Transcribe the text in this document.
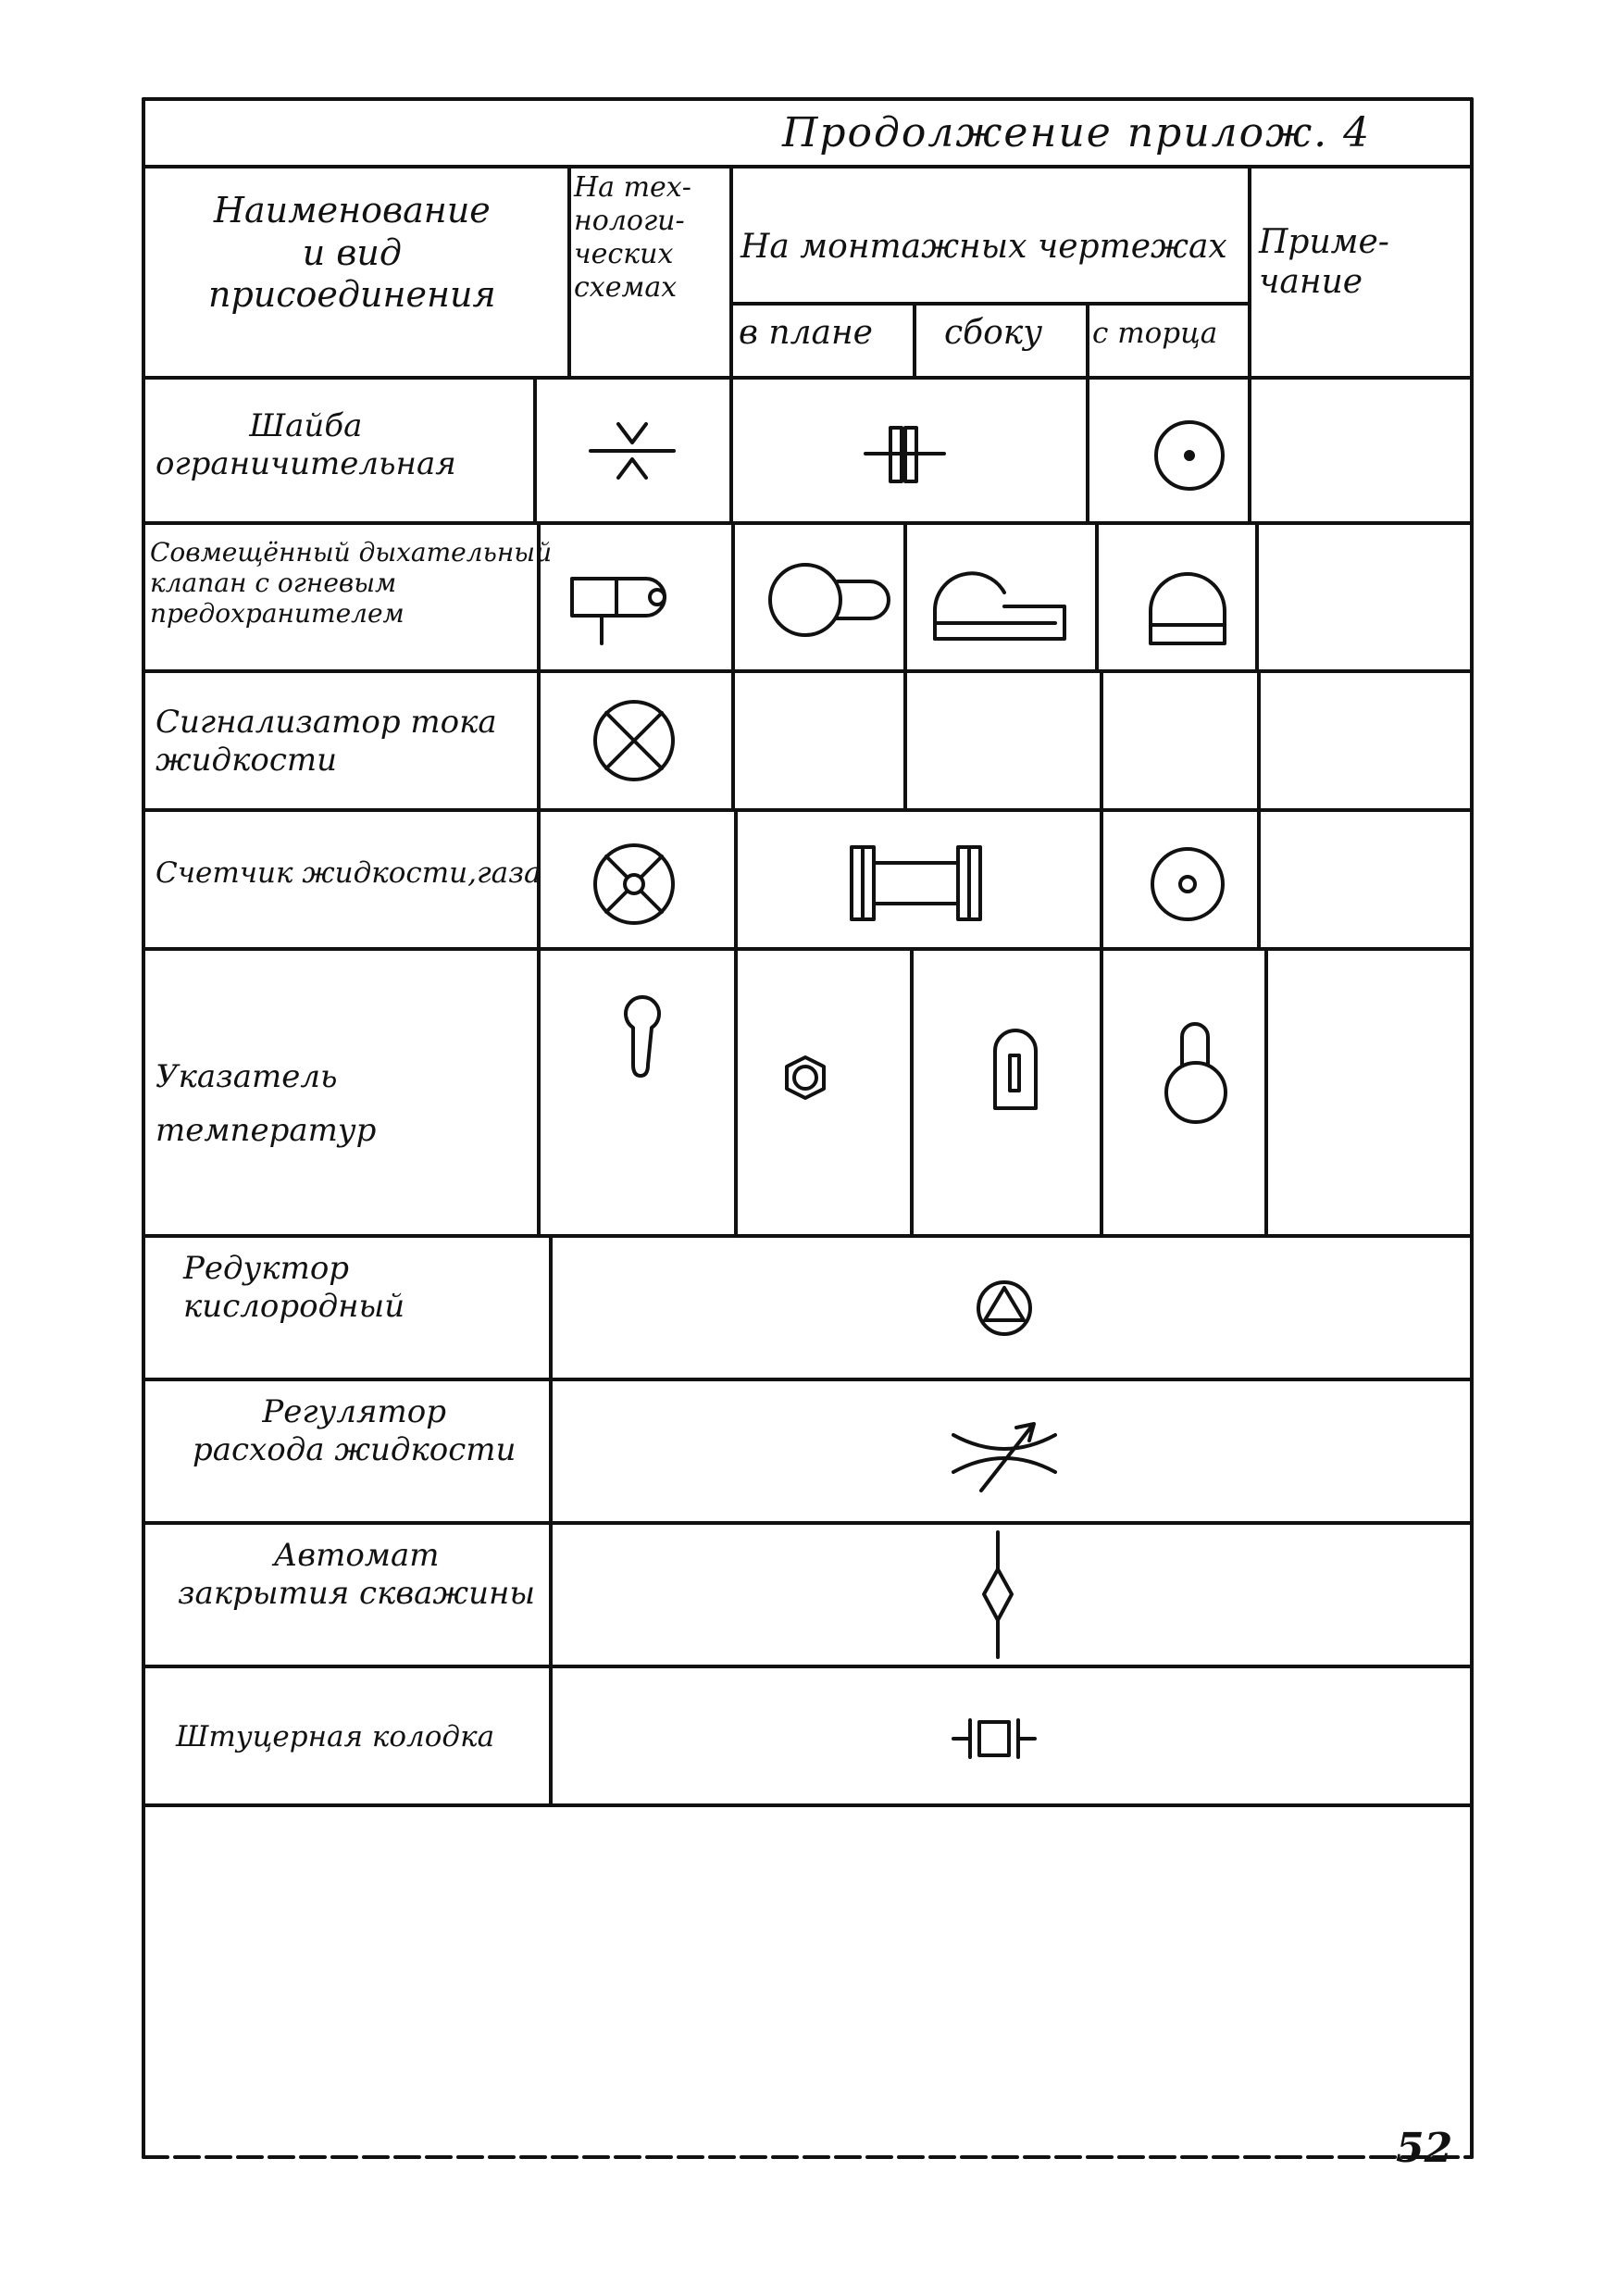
Продолжение прилож. 4
Наименование
и вид
присоединения
На тех-
нологи-
ческих
схемах
На монтажных чертежах
в плане сбоку с торца
Приме-
чание
Шайба
ограничительная
Совмещённый дыхательный
клапан с огневым
предохранителем
Сигнализатор тока
жидкости
Счетчик жидкости,газа
Указатель
температур
Редуктор
кислородный
Регулятор
расхода жидкости
Автомат
закрытия скважины
Штуцерная колодка
52
